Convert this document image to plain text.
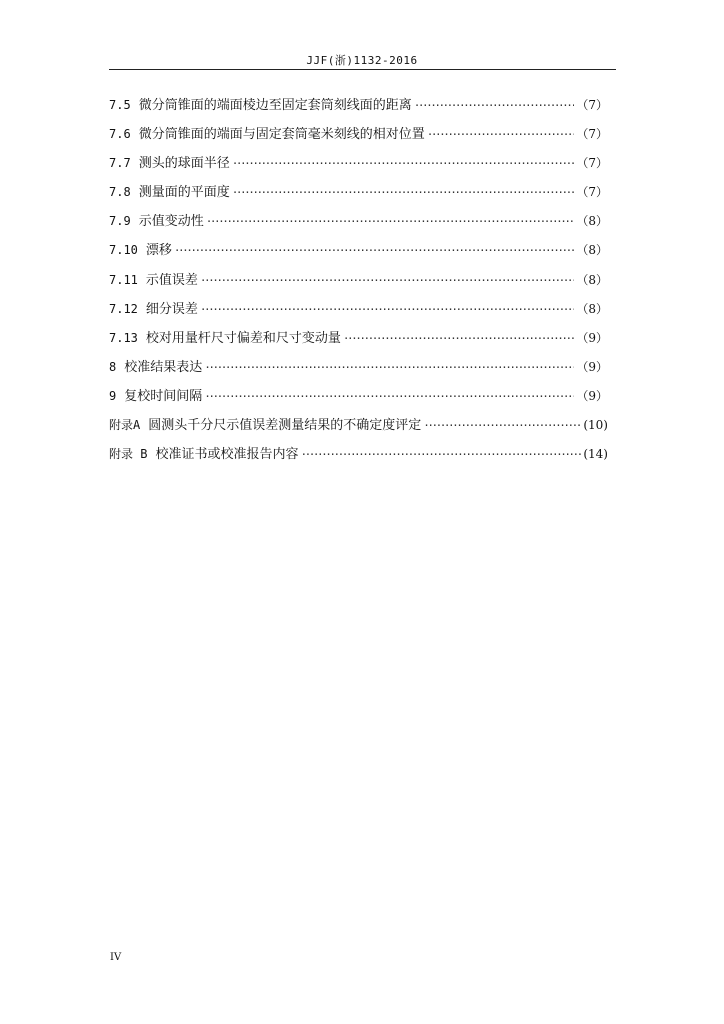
JJF(浙)1132-2016
7.5 微分筒锥面的端面棱边至固定套筒刻线面的距离 ·····	（7）
7.6 微分筒锥面的端面与固定套筒毫米刻线的相对位置 ·····	（7）
7.7 测头的球面半径 ·····	（7）
7.8 测量面的平面度 ·····	（7）
7.9 示值变动性 ·····	（8）
7.10 漂移 ·····	（8）
7.11 示值误差 ·····	（8）
7.12 细分误差 ·····	（8）
7.13 校对用量杆尺寸偏差和尺寸变动量 ·····	（9）
8 校准结果表达 ·····	（9）
9 复校时间间隔 ·····	（9）
附录A 圆测头千分尺示值误差测量结果的不确定度评定 ·····	(10)
附录 B 校准证书或校准报告内容 ·····	(14)
IV
